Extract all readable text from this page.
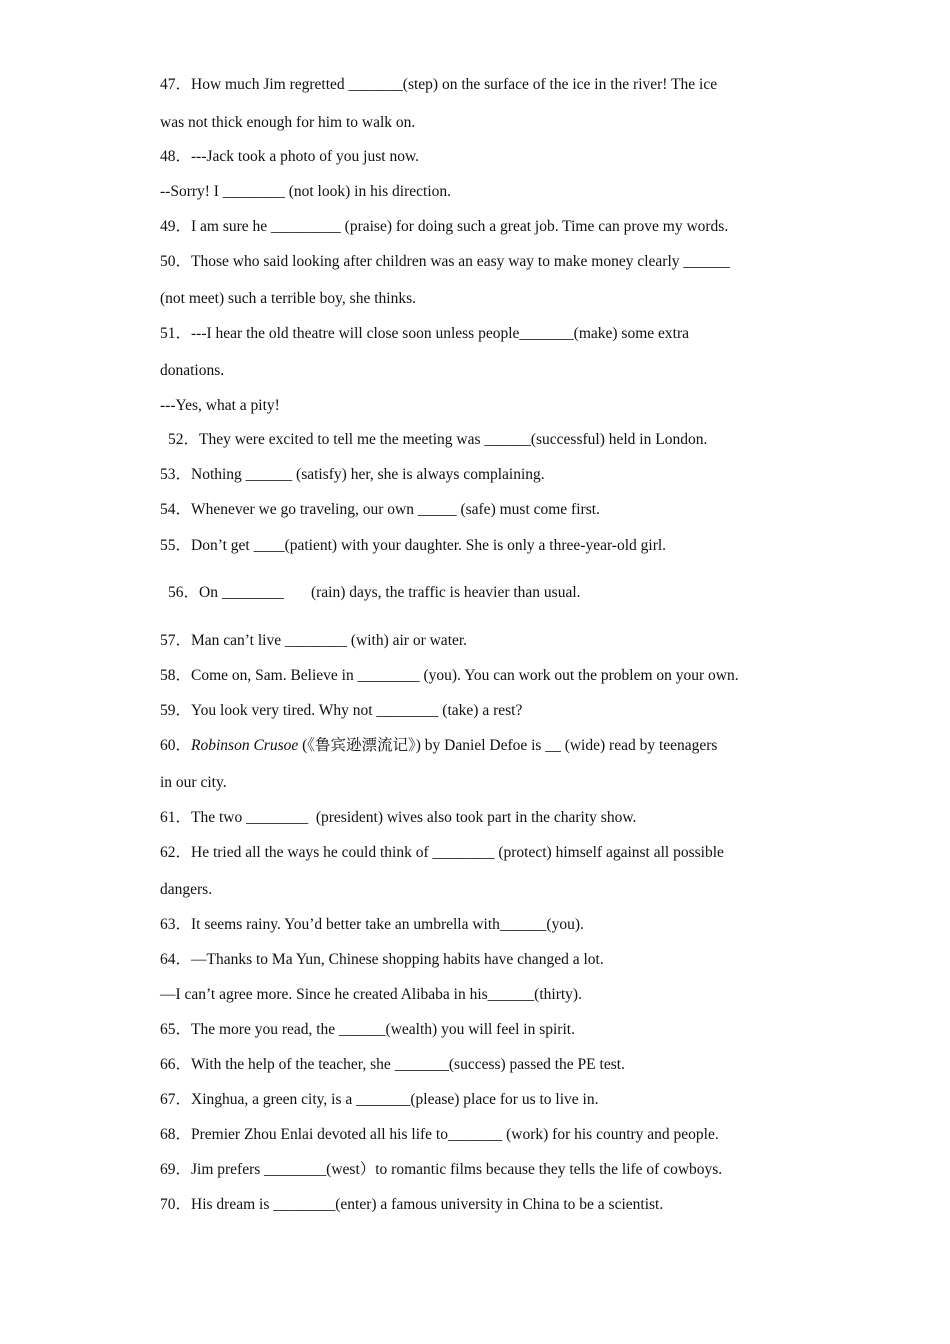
47．How much Jim regretted _______(step) on the surface of the ice in the river! The ice
was not thick enough for him to walk on.
48．---Jack took a photo of you just now.
--Sorry! I ________ (not look) in his direction.
49．I am sure he _________ (praise) for doing such a great job. Time can prove my words.
50．Those who said looking after children was an easy way to make money clearly ______
(not meet) such a terrible boy, she thinks.
51．---I hear the old theatre will close soon unless people_______(make) some extra
donations.
---Yes, what a pity!
52．They were excited to tell me the meeting was ______(successful) held in London.
53．Nothing ______ (satisfy) her, she is always complaining.
54．Whenever we go traveling, our own _____ (safe) must come first.
55．Don’t get ____(patient) with your daughter. She is only a three-year-old girl.
56．On ________       (rain) days, the traffic is heavier than usual.
57．Man can’t live ________ (with) air or water.
58．Come on, Sam. Believe in ________ (you). You can work out the problem on your own.
59．You look very tired. Why not ________ (take) a rest?
60．Robinson Crusoe (《鲁宾逊漂流记》) by Daniel Defoe is __ (wide) read by teenagers
in our city.
61．The two ________  (president) wives also took part in the charity show.
62．He tried all the ways he could think of ________ (protect) himself against all possible
dangers.
63．It seems rainy. You’d better take an umbrella with______(you).
64．—Thanks to Ma Yun, Chinese shopping habits have changed a lot.
—I can’t agree more. Since he created Alibaba in his______(thirty).
65．The more you read, the ______(wealth) you will feel in spirit.
66．With the help of the teacher, she _______(success) passed the PE test.
67．Xinghua, a green city, is a _______(please) place for us to live in.
68．Premier Zhou Enlai devoted all his life to_______ (work) for his country and people.
69．Jim prefers ________(west）to romantic films because they tells the life of cowboys.
70．His dream is ________(enter) a famous university in China to be a scientist.
